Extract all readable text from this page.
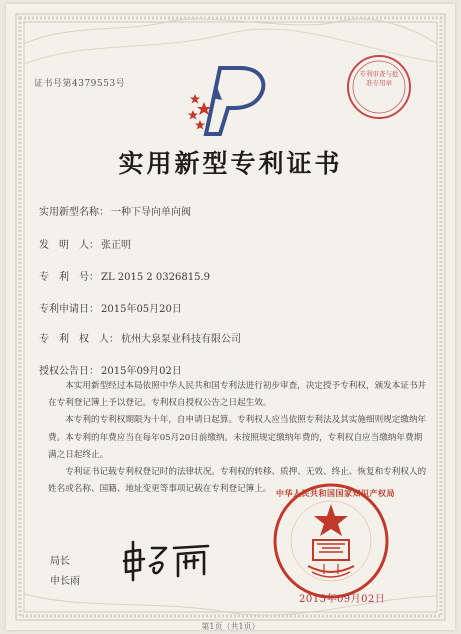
证书号第4379553号
专利审查与批准专用章
实用新型专利证书
实用新型名称： 一种下导向单向阀
发　明　人： 张正明
专　利　号： ZL 2015 2 0326815.9
专利申请日： 2015年05月20日
专　利　权　人： 杭州大泉泵业科技有限公司
授权公告日： 2015年09月02日

本实用新型经过本局依照中华人民共和国专利法进行初步审查，决定授予专利权，颁发本证书并在专利登记簿上予以登记。专利权自授权公告之日起生效。

本专利的专利权期限为十年，自申请日起算。专利权人应当依照专利法及其实施细则规定缴纳年费。本专利的年费应当在每年05月20日前缴纳。未按照规定缴纳年费的，专利权自应当缴纳年费期满之日起终止。

专利证书记载专利权登记时的法律状况。专利权的转移、质押、无效、终止、恢复和专利权人的姓名或名称、国籍、地址变更等事项记载在专利登记簿上。 中华人民共和国国家知识产权局
局长
申长雨
2015年09月02日
第1页（共1页）
